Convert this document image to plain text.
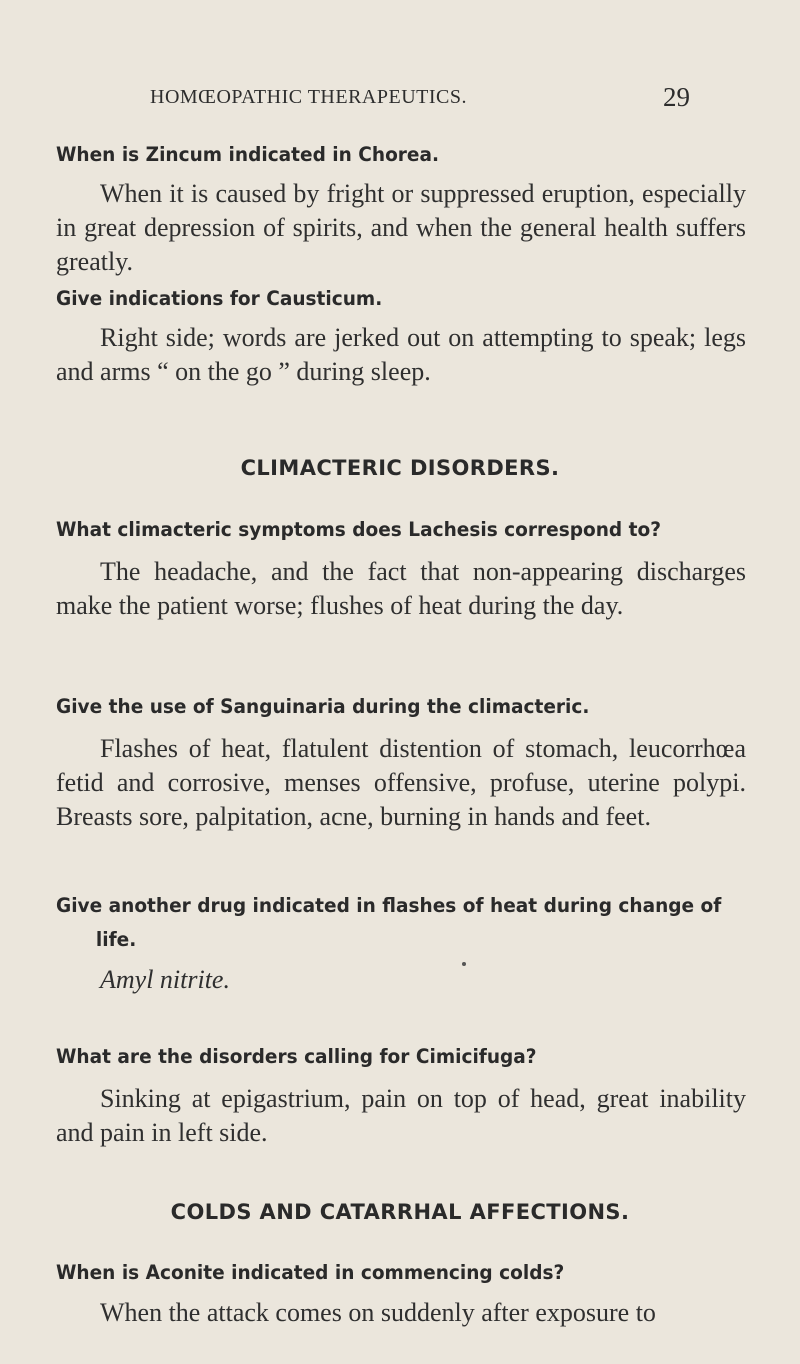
HOMŒOPATHIC THERAPEUTICS.	29
When is Zincum indicated in Chorea.
When it is caused by fright or suppressed eruption, especially in great depression of spirits, and when the general health suffers greatly.
Give indications for Causticum.
Right side; words are jerked out on attempting to speak; legs and arms “ on the go ” during sleep.
CLIMACTERIC DISORDERS.
What climacteric symptoms does Lachesis correspond to?
The headache, and the fact that non-appearing discharges make the patient worse; flushes of heat during the day.
Give the use of Sanguinaria during the climacteric.
Flashes of heat, flatulent distention of stomach, leucorrhœa fetid and corrosive, menses offensive, profuse, uterine polypi. Breasts sore, palpitation, acne, burning in hands and feet.
Give another drug indicated in flashes of heat during change of life.
Amyl nitrite.
What are the disorders calling for Cimicifuga?
Sinking at epigastrium, pain on top of head, great inability and pain in left side.
COLDS AND CATARRHAL AFFECTIONS.
When is Aconite indicated in commencing colds?
When the attack comes on suddenly after exposure to
